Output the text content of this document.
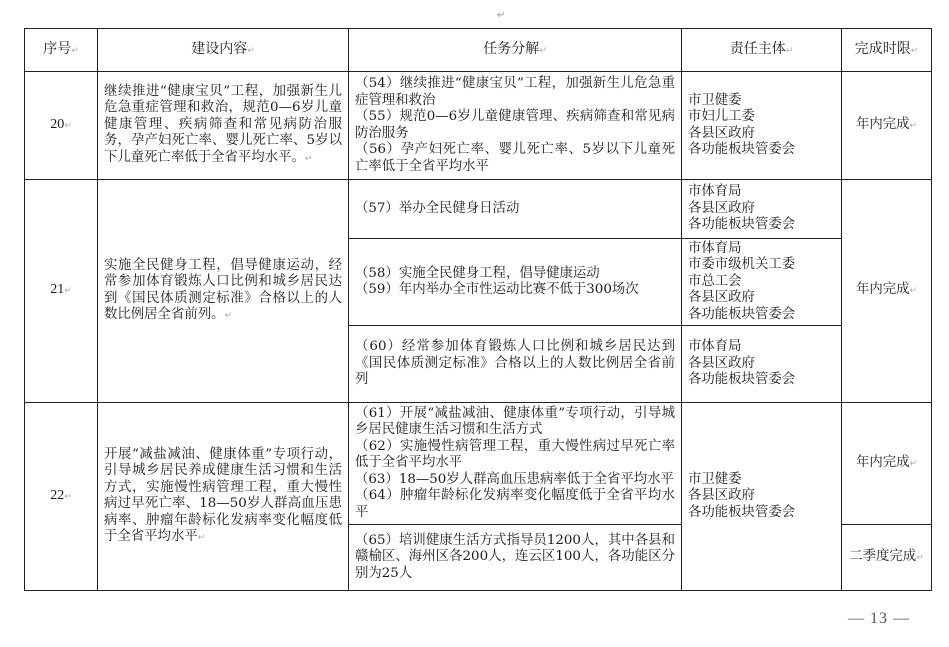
↵
序号↵	建设内容↵	任务分解↵	责任主体↵	完成时限↵
20↵	继续推进“健康宝贝”工程，加强新生儿危急重症管理和救治，规范0—6岁儿童健康管理、疾病筛查和常见病防治服务，孕产妇死亡率、婴儿死亡率、5岁以下儿童死亡率低于全省平均水平。↵	（54）继续推进“健康宝贝”工程，加强新生儿危急重症管理和救治
（55）规范0—6岁儿童健康管理、疾病筛查和常见病防治服务
（56）孕产妇死亡率、婴儿死亡率、5岁以下儿童死亡率低于全省平均水平	市卫健委
市妇儿工委
各县区政府
各功能板块管委会	年内完成↵
21↵	实施全民健身工程，倡导健康运动，经常参加体育锻炼人口比例和城乡居民达到《国民体质测定标准》合格以上的人数比例居全省前列。↵	（57）举办全民健身日活动	市体育局
各县区政府
各功能板块管委会	年内完成↵

		（58）实施全民健身工程，倡导健康运动
（59）年内举办全市性运动比赛不低于300场次	市体育局
市委市级机关工委
市总工会
各县区政府
各功能板块管委会	

		（60）经常参加体育锻炼人口比例和城乡居民达到《国民体质测定标准》合格以上的人数比例居全省前列	市体育局
各县区政府
各功能板块管委会	

22↵	开展“减盐减油、健康体重”专项行动，引导城乡居民养成健康生活习惯和生活方式，实施慢性病管理工程，重大慢性病过早死亡率、18—50岁人群高血压患病率、肿瘤年龄标化发病率变化幅度低于全省平均水平↵	（61）开展“减盐减油、健康体重”专项行动，引导城乡居民健康生活习惯和生活方式
（62）实施慢性病管理工程，重大慢性病过早死亡率低于全省平均水平
（63）18—50岁人群高血压患病率低于全省平均水平
（64）肿瘤年龄标化发病率变化幅度低于全省平均水平	市卫健委
各县区政府
各功能板块管委会	年内完成↵

		（65）培训健康生活方式指导员1200人，其中各县和赣榆区、海州区各200人，连云区100人，各功能区分别为25人		二季度完成↵
— 13 —
